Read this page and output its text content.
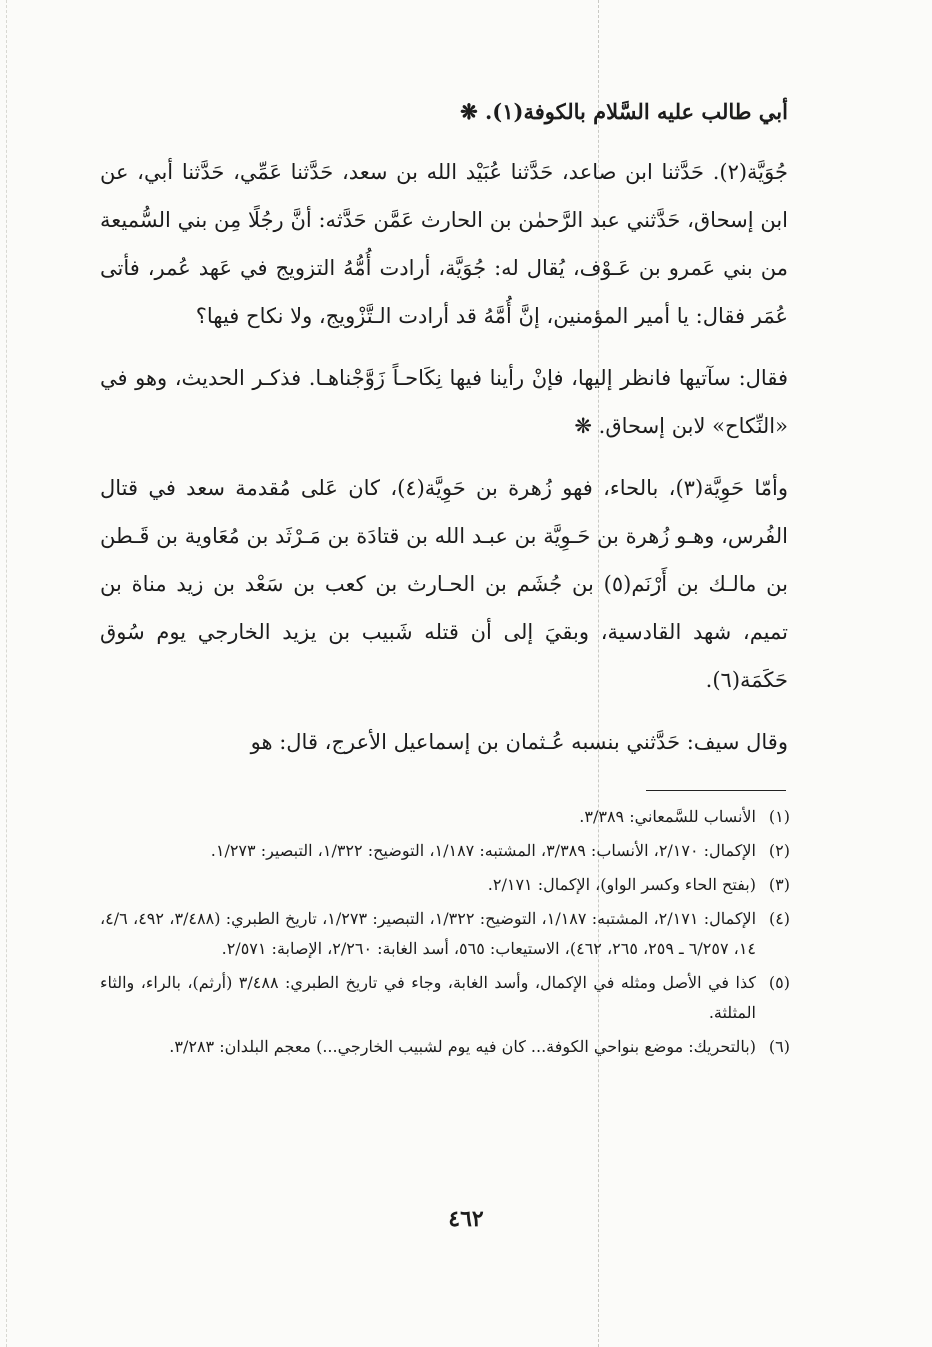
أبي طالب عليه السَّلام بالكوفة(١). ❋

جُوَيَّة(٢). حَدَّثنا ابن صاعد، حَدَّثنا عُبَيْد الله بن سعد، حَدَّثنا عَمِّي، حَدَّثنا أبي، عن ابن إسحاق، حَدَّثني عبد الرَّحمٰن بن الحارث عَمَّن حَدَّثه: أنَّ رجُلًا مِن بني السُّميعة من بني عَمرو بن عَـوْف، يُقال له: جُوَيَّة، أرادت أُمُّهُ التزويج في عَهد عُمر، فأتى عُمَر فقال: يا أمير المؤمنين، إنَّ أُمَّهُ قد أرادت الـتَّزْويج، ولا نكاح فيها؟

فقال: سآتيها فانظر إليها، فإنْ رأينا فيها نِكَاحـاً زَوَّجْناهـا. فذكـر الحديث، وهو في «النِّكاح» لابن إسحاق. ❋

وأمّا حَوِيَّة(٣)، بالحاء، فهو زُهرة بن حَوِيَّة(٤)، كان عَلى مُقدمة سعد في قتال الفُرس، وهـو زُهرة بن حَـوِيَّة بن عبـد الله بن قتادَة بن مَـرْثَد بن مُعَاوية بن قَـطن بن مالـك بن أَرْنَم(٥) بن جُشَم بن الحـارث بن كعب بن سَعْد بن زيد مناة بن تميم، شهد القادسية، وبقيَ إلى أن قتله شَبيب بن يزيد الخارجي يوم سُوق حَكَمَة(٦).

وقال سيف: حَدَّثني بنسبه عُـثمان بن إسماعيل الأعرج، قال: هو

(١)الأنساب للسَّمعاني: ٣/٣٨٩.

(٢)الإكمال: ٢/١٧٠، الأنساب: ٣/٣٨٩، المشتبه: ١/١٨٧، التوضيح: ١/٣٢٢، التبصير: ١/٢٧٣.

(٣)(بفتح الحاء وكسر الواو)، الإكمال: ٢/١٧١.

(٤)الإكمال: ٢/١٧١، المشتبه: ١/١٨٧، التوضيح: ١/٣٢٢، التبصير: ١/٢٧٣، تاريخ الطبري: (٣/٤٨٨، ٤٩٢، ٤/٦، ١٤، ٦/٢٥٧ ـ ٢٥٩، ٢٦٥، ٤٦٢)، الاستيعاب: ٥٦٥، أسد الغابة: ٢/٢٦٠، الإصابة: ٢/٥٧١.

(٥)كذا في الأصل ومثله في الإكمال، وأسد الغابة، وجاء في تاريخ الطبري: ٣/٤٨٨ (أرثم)، بالراء، والثاء المثلثة.

(٦)(بالتحريك: موضع بنواحي الكوفة... كان فيه يوم لشبيب الخارجي...) معجم البلدان: ٣/٢٨٣.

٤٦٢
